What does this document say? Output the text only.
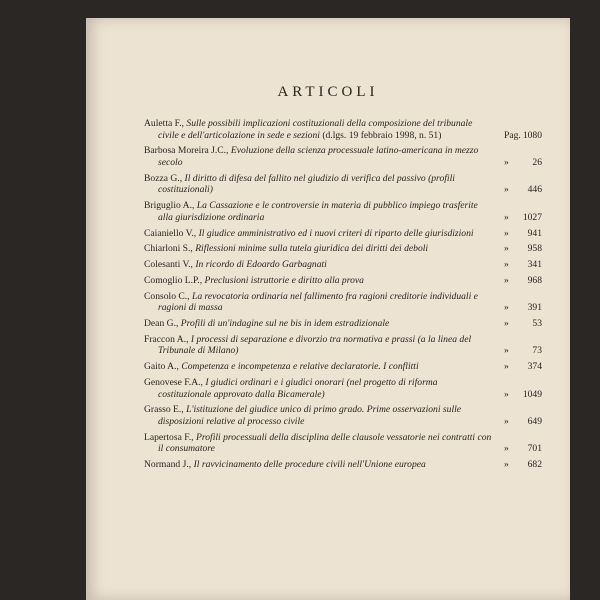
ARTICOLI
Auletta F., Sulle possibili implicazioni costituzionali della composizione del tribunale civile e dell'articolazione in sede e sezioni (d.lgs. 19 febbraio 1998, n. 51)	Pag. 1080
Barbosa Moreira J.C., Evoluzione della scienza processuale latino-americana in mezzo secolo	» 26
Bozza G., Il diritto di difesa del fallito nel giudizio di verifica del passivo (profili costituzionali)	» 446
Briguglio A., La Cassazione e le controversie in materia di pubblico impiego trasferite alla giurisdizione ordinaria	» 1027
Caianiello V., Il giudice amministrativo ed i nuovi criteri di riparto delle giurisdizioni	» 941
Chiarloni S., Riflessioni minime sulla tutela giuridica dei diritti dei deboli	» 958
Colesanti V., In ricordo di Edoardo Garbagnati	» 341
Comoglio L.P., Preclusioni istruttorie e diritto alla prova	» 968
Consolo C., La revocatoria ordinaria nel fallimento fra ragioni creditorie individuali e ragioni di massa	» 391
Dean G., Profili di un'indagine sul ne bis in idem estradizionale	» 53
Fraccon A., I processi di separazione e divorzio tra normativa e prassi (a la linea del Tribunale di Milano)	» 73
Gaito A., Competenza e incompetenza e relative declaratorie. I conflitti	» 374
Genovese F.A., I giudici ordinari e i giudici onorari (nel progetto di riforma costituzionale approvato dalla Bicamerale)	» 1049
Grasso E., L'istituzione del giudice unico di primo grado. Prime osservazioni sulle disposizioni relative al processo civile	» 649
Lapertosa F., Profili processuali della disciplina delle clausole vessatorie nei contratti con il consumatore	» 701
Normand J., Il ravvicinamento delle procedure civili nell'Unione europea	» 682
